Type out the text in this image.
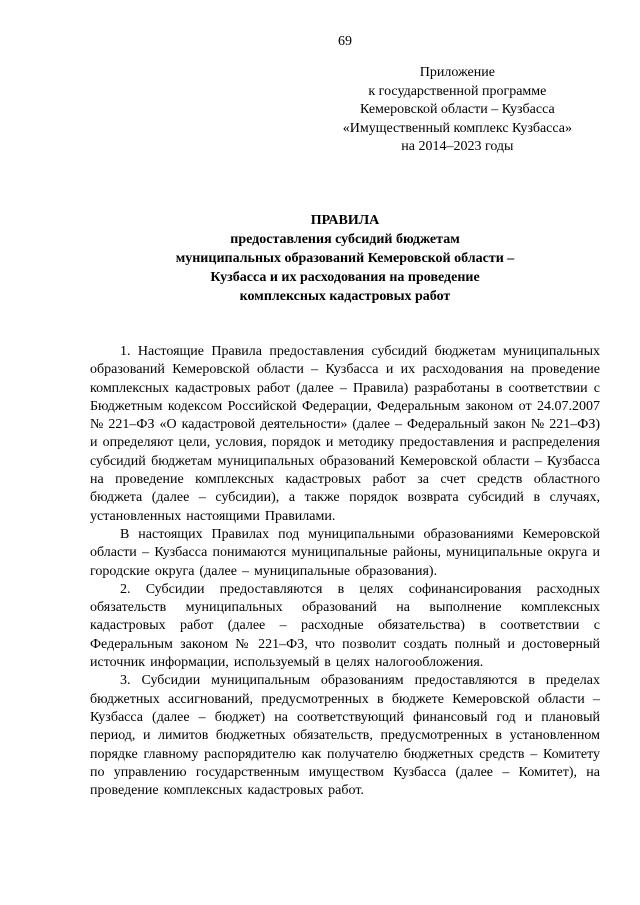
69
Приложение
к государственной программе
Кемеровской области – Кузбасса
«Имущественный комплекс Кузбасса»
на 2014–2023 годы
ПРАВИЛА
предоставления субсидий бюджетам
муниципальных образований Кемеровской области –
Кузбасса и их расходования на проведение
комплексных кадастровых работ

1. Настоящие Правила предоставления субсидий бюджетам муниципальных образований Кемеровской области – Кузбасса и их расходования на проведение комплексных кадастровых работ (далее – Правила) разработаны в соответствии с Бюджетным кодексом Российской Федерации, Федеральным законом от 24.07.2007 № 221–ФЗ «О кадастровой деятельности» (далее – Федеральный закон № 221–ФЗ) и определяют цели, условия, порядок и методику предоставления и распределения субсидий бюджетам муниципальных образований Кемеровской области – Кузбасса на проведение комплексных кадастровых работ за счет средств областного бюджета (далее – субсидии), а также порядок возврата субсидий в случаях, установленных настоящими Правилами.

В настоящих Правилах под муниципальными образованиями Кемеровской области – Кузбасса понимаются муниципальные районы, муниципальные округа и городские округа (далее – муниципальные образования).

2. Субсидии предоставляются в целях софинансирования расходных обязательств муниципальных образований на выполнение комплексных кадастровых работ (далее – расходные обязательства) в соответствии с Федеральным законом № 221–ФЗ, что позволит создать полный и достоверный источник информации, используемый в целях налогообложения.

3. Субсидии муниципальным образованиям предоставляются в пределах бюджетных ассигнований, предусмотренных в бюджете Кемеровской области – Кузбасса (далее – бюджет) на соответствующий финансовый год и плановый период, и лимитов бюджетных обязательств, предусмотренных в установленном порядке главному распорядителю как получателю бюджетных средств – Комитету по управлению государственным имуществом Кузбасса (далее – Комитет), на проведение комплексных кадастровых работ.
